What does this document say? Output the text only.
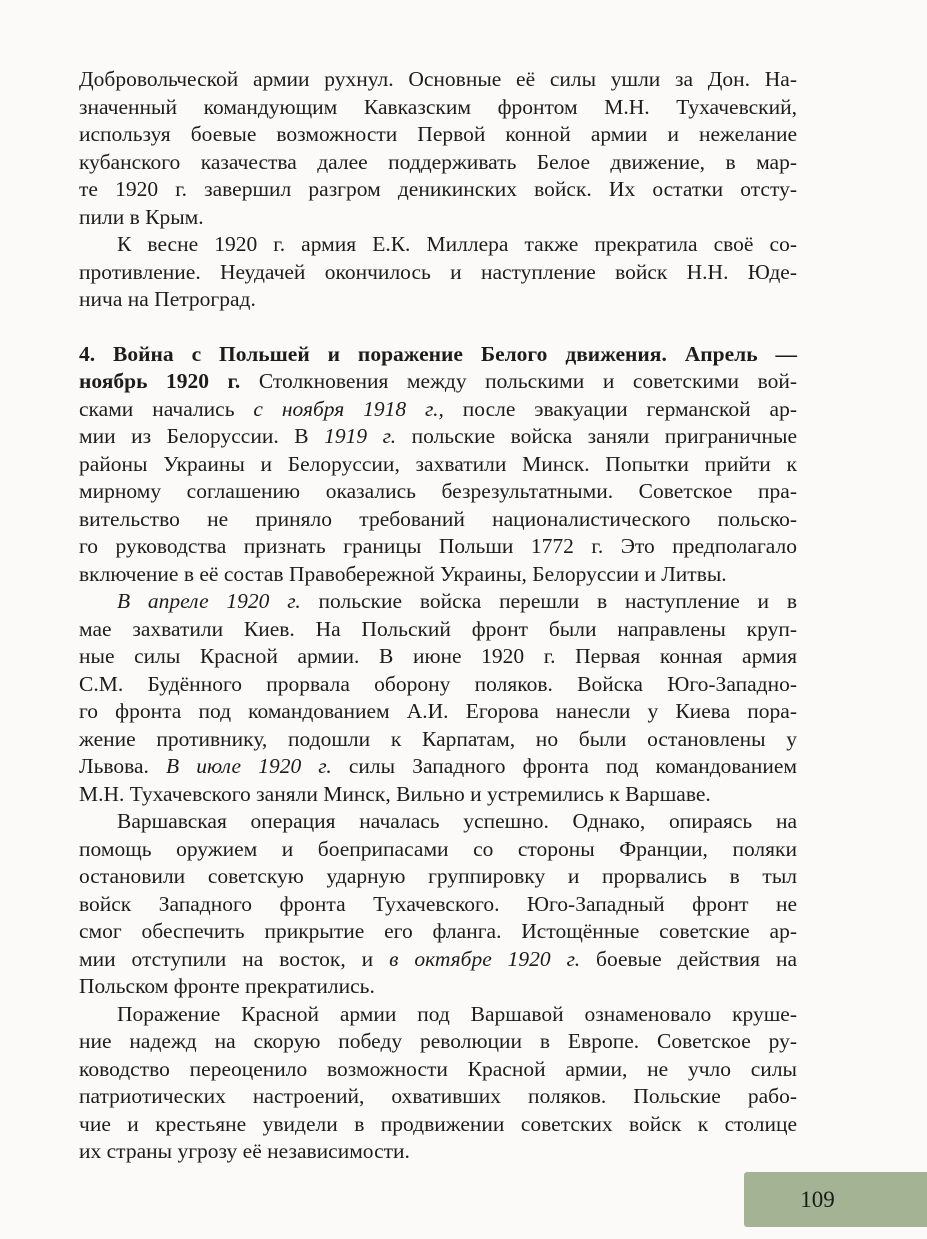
Добровольческой армии рухнул. Основные её силы ушли за Дон. На-
значенный командующим Кавказским фронтом М.Н. Тухачевский,
используя боевые возможности Первой конной армии и нежелание
кубанского казачества далее поддерживать Белое движение, в мар-
те 1920 г. завершил разгром деникинских войск. Их остатки отсту-
пили в Крым.
К весне 1920 г. армия Е.К. Миллера также прекратила своё со-
противление. Неудачей окончилось и наступление войск Н.Н. Юде-
нича на Петроград.
4. Война с Польшей и поражение Белого движения. Апрель —
ноябрь 1920 г. Столкновения между польскими и советскими вой-
сками начались с ноября 1918 г., после эвакуации германской ар-
мии из Белоруссии. В 1919 г. польские войска заняли приграничные
районы Украины и Белоруссии, захватили Минск. Попытки прийти к
мирному соглашению оказались безрезультатными. Советское пра-
вительство не приняло требований националистического польско-
го руководства признать границы Польши 1772 г. Это предполагало
включение в её состав Правобережной Украины, Белоруссии и Литвы.
В апреле 1920 г. польские войска перешли в наступление и в
мае захватили Киев. На Польский фронт были направлены круп-
ные силы Красной армии. В июне 1920 г. Первая конная армия
С.М. Будённого прорвала оборону поляков. Войска Юго-Западно-
го фронта под командованием А.И. Егорова нанесли у Киева пора-
жение противнику, подошли к Карпатам, но были остановлены у
Львова. В июле 1920 г. силы Западного фронта под командованием
М.Н. Тухачевского заняли Минск, Вильно и устремились к Варшаве.
Варшавская операция началась успешно. Однако, опираясь на
помощь оружием и боеприпасами со стороны Франции, поляки
остановили советскую ударную группировку и прорвались в тыл
войск Западного фронта Тухачевского. Юго-Западный фронт не
смог обеспечить прикрытие его фланга. Истощённые советские ар-
мии отступили на восток, и в октябре 1920 г. боевые действия на
Польском фронте прекратились.
Поражение Красной армии под Варшавой ознаменовало круше-
ние надежд на скорую победу революции в Европе. Советское ру-
ководство переоценило возможности Красной армии, не учло силы
патриотических настроений, охвативших поляков. Польские рабо-
чие и крестьяне увидели в продвижении советских войск к столице
их страны угрозу её независимости.
109
